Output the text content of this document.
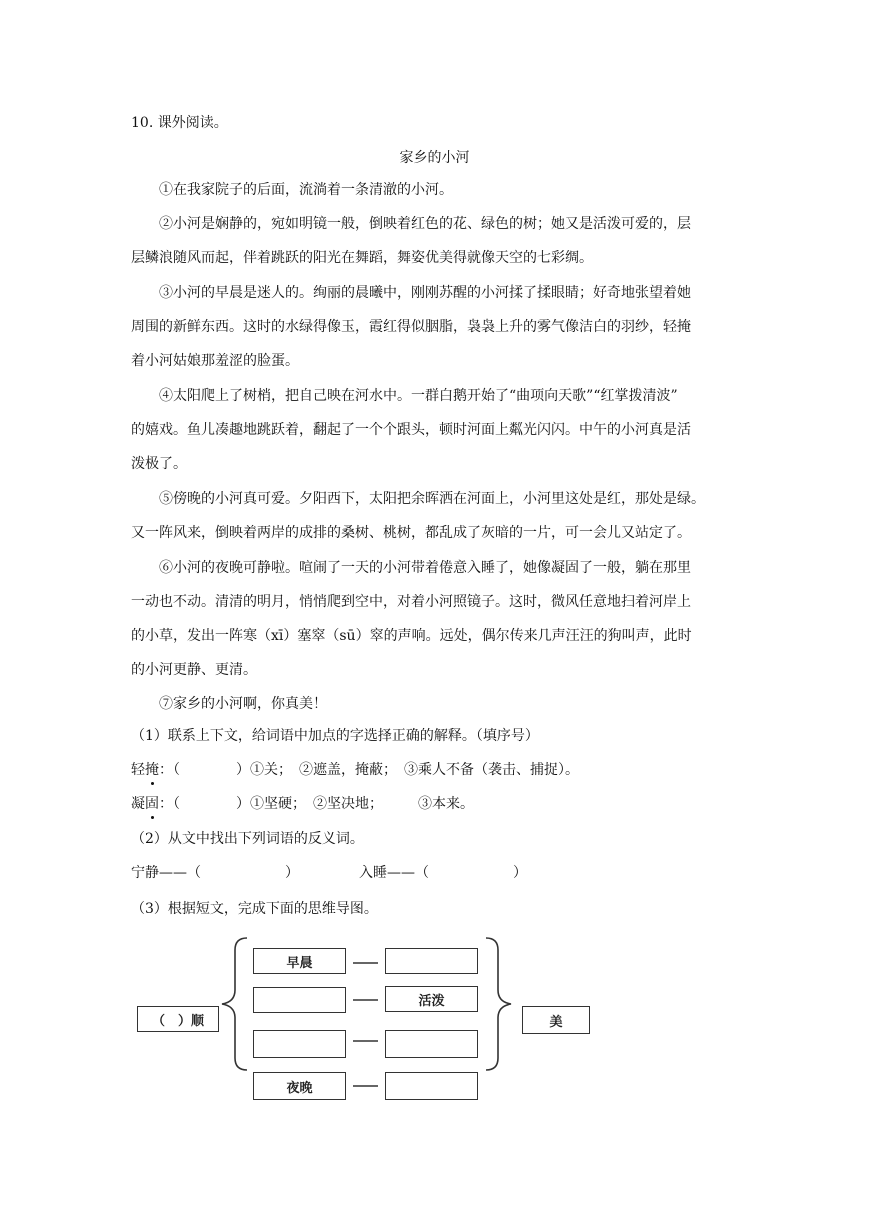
10. 课外阅读。
家乡的小河
①在我家院子的后面，流淌着一条清澈的小河。
②小河是娴静的，宛如明镜一般，倒映着红色的花、绿色的树；她又是活泼可爱的，层
层鳞浪随风而起，伴着跳跃的阳光在舞蹈，舞姿优美得就像天空的七彩绸。
③小河的早晨是迷人的。绚丽的晨曦中，刚刚苏醒的小河揉了揉眼睛；好奇地张望着她
周围的新鲜东西。这时的水绿得像玉，霞红得似胭脂，袅袅上升的雾气像洁白的羽纱，轻掩
着小河姑娘那羞涩的脸蛋。
④太阳爬上了树梢，把自己映在河水中。一群白鹅开始了“曲项向天歌”“红掌拨清波”
的嬉戏。鱼儿凑趣地跳跃着，翻起了一个个跟头，顿时河面上粼光闪闪。中午的小河真是活
泼极了。
⑤傍晚的小河真可爱。夕阳西下，太阳把余晖洒在河面上，小河里这处是红，那处是绿。
又一阵风来，倒映着两岸的成排的桑树、桃树，都乱成了灰暗的一片，可一会儿又站定了。
⑥小河的夜晚可静啦。喧闹了一天的小河带着倦意入睡了，她像凝固了一般，躺在那里
一动也不动。清清的明月，悄悄爬到空中，对着小河照镜子。这时，微风任意地扫着河岸上
的小草，发出一阵寒（xī）塞窣（sū）窣的声响。远处，偶尔传来几声汪汪的狗叫声，此时
的小河更静、更清。
⑦家乡的小河啊，你真美！
（1）联系上下文，给词语中加点的字选择正确的解释。（填序号）
轻掩：（　　　　）①关；　②遮盖，掩蔽；　③乘人不备（袭击、捕捉）。
凝固：（　　　　）①坚硬；　②坚决地；　　　③本来。
（2）从文中找出下列词语的反义词。
宁静——（　　　　　　）	入睡——（　　　　　　）
（3）根据短文，完成下面的思维导图。
（　）顺	美
早晨
活泼
夜晚
